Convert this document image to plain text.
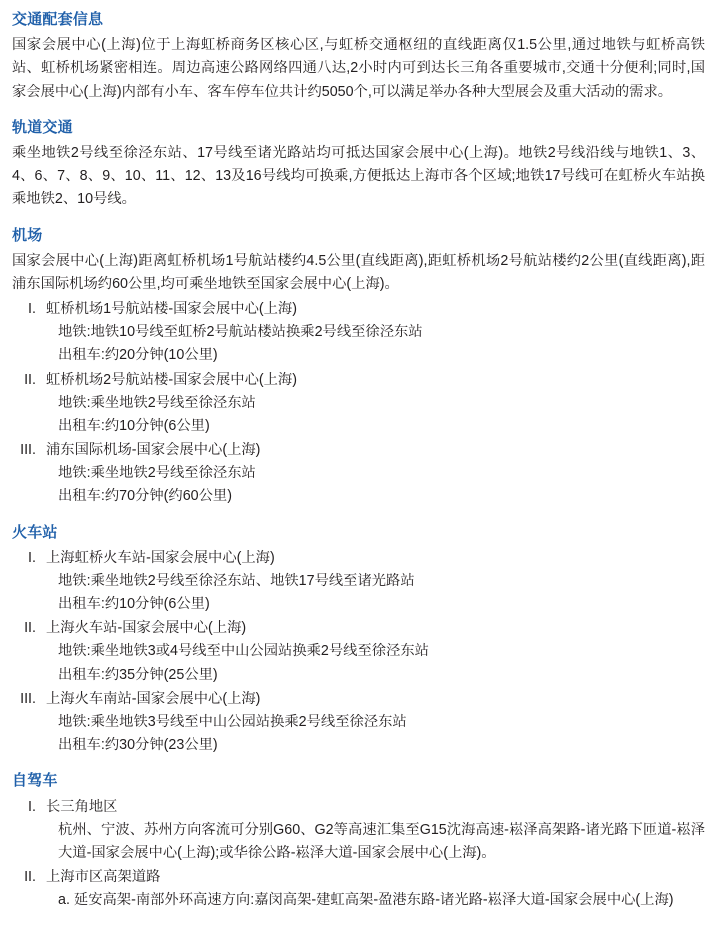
交通配套信息

国家会展中心(上海)位于上海虹桥商务区核心区,与虹桥交通枢纽的直线距离仅1.5公里,通过地铁与虹桥高铁站、虹桥机场紧密相连。周边高速公路网络四通八达,2小时内可到达长三角各重要城市,交通十分便利;同时,国家会展中心(上海)内部有小车、客车停车位共计约5050个,可以满足举办各种大型展会及重大活动的需求。

轨道交通

乘坐地铁2号线至徐泾东站、17号线至诸光路站均可抵达国家会展中心(上海)。地铁2号线沿线与地铁1、3、4、6、7、8、9、10、11、12、13及16号线均可换乘,方便抵达上海市各个区域;地铁17号线可在虹桥火车站换乘地铁2、10号线。

机场

国家会展中心(上海)距离虹桥机场1号航站楼约4.5公里(直线距离),距虹桥机场2号航站楼约2公里(直线距离),距浦东国际机场约60公里,均可乘坐地铁至国家会展中心(上海)。

I. 虹桥机场1号航站楼-国家会展中心(上海)

地铁:地铁10号线至虹桥2号航站楼站换乘2号线至徐泾东站

出租车:约20分钟(10公里)

II. 虹桥机场2号航站楼-国家会展中心(上海)

地铁:乘坐地铁2号线至徐泾东站

出租车:约10分钟(6公里)

III. 浦东国际机场-国家会展中心(上海)

地铁:乘坐地铁2号线至徐泾东站

出租车:约70分钟(约60公里)

火车站
I. 上海虹桥火车站-国家会展中心(上海)

地铁:乘坐地铁2号线至徐泾东站、地铁17号线至诸光路站

出租车:约10分钟(6公里)

II. 上海火车站-国家会展中心(上海)

地铁:乘坐地铁3或4号线至中山公园站换乘2号线至徐泾东站

出租车:约35分钟(25公里)

III. 上海火车南站-国家会展中心(上海)

地铁:乘坐地铁3号线至中山公园站换乘2号线至徐泾东站

出租车:约30分钟(23公里)

自驾车
I. 长三角地区

杭州、宁波、苏州方向客流可分别G60、G2等高速汇集至G15沈海高速-崧泽高架路-诸光路下匝道-崧泽大道-国家会展中心(上海);或华徐公路-崧泽大道-国家会展中心(上海)。

II. 上海市区高架道路

a. 延安高架-南部外环高速方向:嘉闵高架-建虹高架-盈港东路-诸光路-崧泽大道-国家会展中心(上海)
